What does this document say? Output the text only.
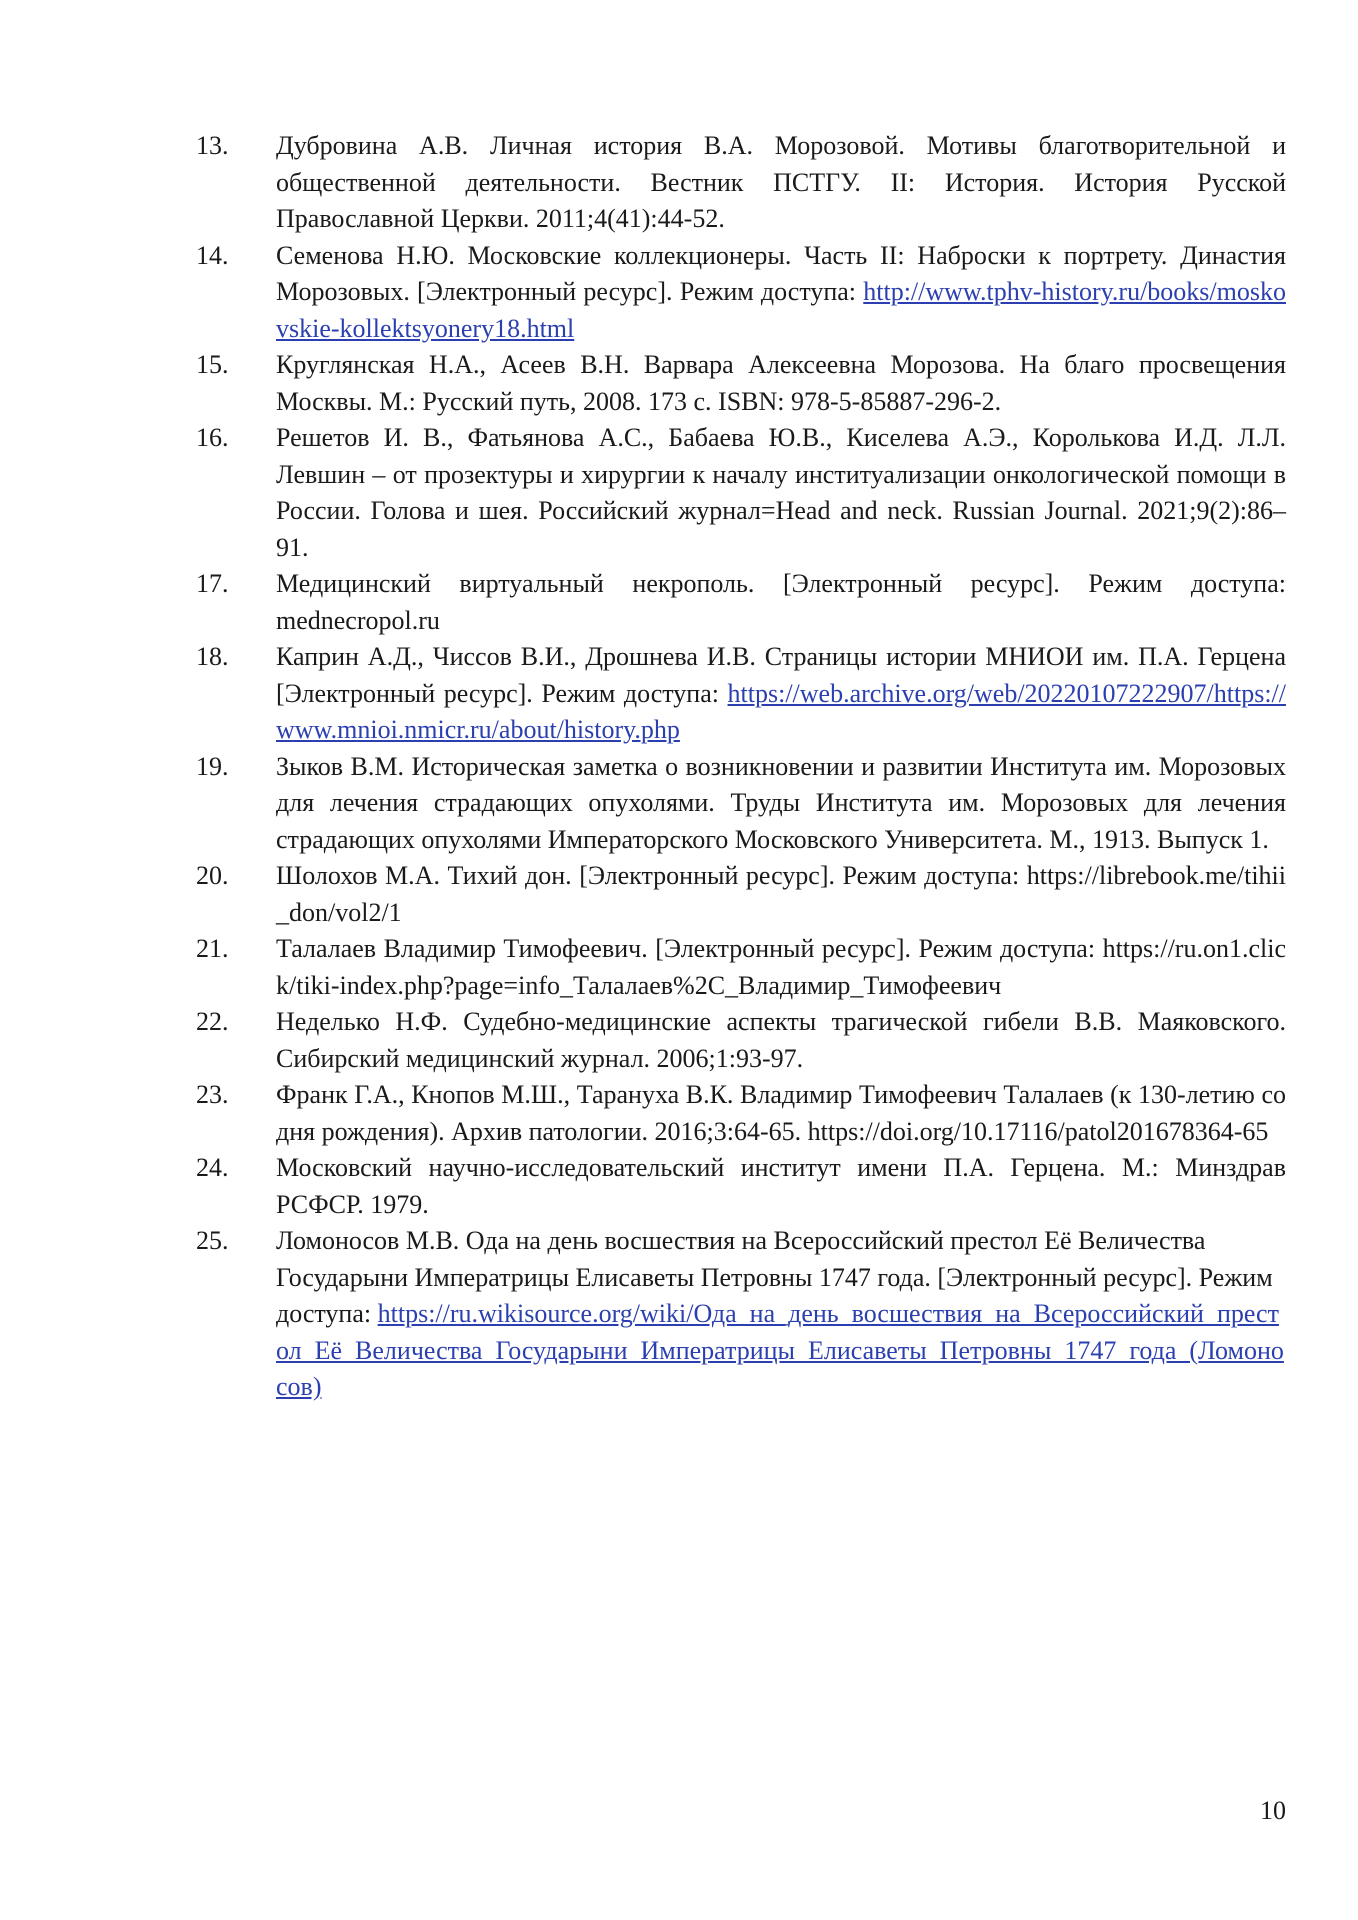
13. Дубровина А.В. Личная история В.А. Морозовой. Мотивы благотворительной и общественной деятельности. Вестник ПСТГУ. II: История. История Русской Православной Церкви. 2011;4(41):44-52.
14. Семенова Н.Ю. Московские коллекционеры. Часть II: Наброски к портрету. Династия Морозовых. [Электронный ресурс]. Режим доступа: http://www.tphv-history.ru/books/moskovskie-kollektsyonery18.html
15. Круглянская Н.А., Асеев В.Н. Варвара Алексеевна Морозова. На благо просвещения Москвы. М.: Русский путь, 2008. 173 с. ISBN: 978-5-85887-296-2.
16. Решетов И. В., Фатьянова А.С., Бабаева Ю.В., Киселева А.Э., Королькова И.Д. Л.Л. Левшин – от прозектуры и хирургии к началу институализации онкологической помощи в России. Голова и шея. Российский журнал=Head and neck. Russian Journal. 2021;9(2):86–91.
17. Медицинский виртуальный некрополь. [Электронный ресурс]. Режим доступа: mednecropol.ru
18. Каприн А.Д., Чиссов В.И., Дрошнева И.В. Страницы истории МНИОИ им. П.А. Герцена [Электронный ресурс]. Режим доступа: https://web.archive.org/web/20220107222907/https://www.mnioi.nmicr.ru/about/history.php
19. Зыков В.М. Историческая заметка о возникновении и развитии Института им. Морозовых для лечения страдающих опухолями. Труды Института им. Морозовых для лечения страдающих опухолями Императорского Московского Университета. М., 1913. Выпуск 1.
20. Шолохов М.А. Тихий дон. [Электронный ресурс]. Режим доступа: https://librebook.me/tihii_don/vol2/1
21. Талалаев Владимир Тимофеевич. [Электронный ресурс]. Режим доступа: https://ru.on1.click/tiki-index.php?page=info_Талалаев%2C_Владимир_Тимофеевич
22. Неделько Н.Ф. Судебно-медицинские аспекты трагической гибели В.В. Маяковского. Сибирский медицинский журнал. 2006;1:93-97.
23. Франк Г.А., Кнопов М.Ш., Тарануха В.К. Владимир Тимофеевич Талалаев (к 130-летию со дня рождения). Архив патологии. 2016;3:64-65. https://doi.org/10.17116/patol201678364-65
24. Московский научно-исследовательский институт имени П.А. Герцена. М.: Минздрав РСФСР. 1979.
25. Ломоносов М.В. Ода на день восшествия на Всероссийский престол Её Величества Государыни Императрицы Елисаветы Петровны 1747 года. [Электронный ресурс]. Режим доступа: https://ru.wikisource.org/wiki/Ода_на_день_восшествия_на_Всероссийский_престол_Её_Величества_Государыни_Императрицы_Елисаветы_Петровны_1747_года_(Ломоносов)
10
